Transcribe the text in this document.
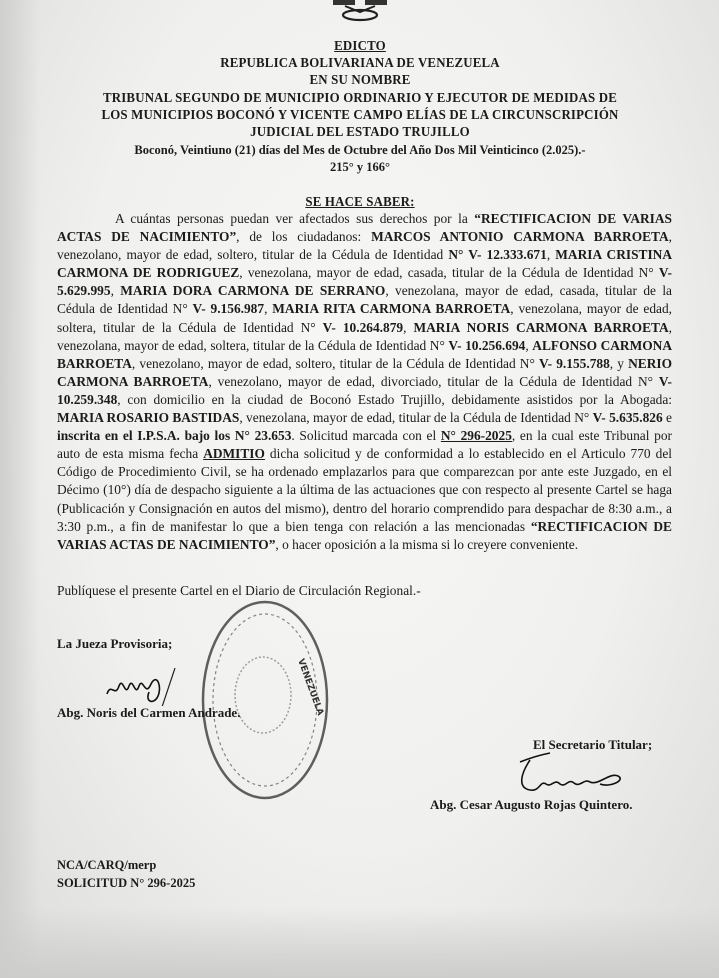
EDICTO
REPUBLICA BOLIVARIANA DE VENEZUELA
EN SU NOMBRE
TRIBUNAL SEGUNDO DE MUNICIPIO ORDINARIO Y EJECUTOR DE MEDIDAS DE
LOS MUNICIPIOS BOCONÓ Y VICENTE CAMPO ELÍAS DE LA CIRCUNSCRIPCIÓN
JUDICIAL DEL ESTADO TRUJILLO
Boconó, Veintiuno (21) días del Mes de Octubre del Año Dos Mil Veinticinco (2.025).-
215° y 166°
SE HACE SABER:
A cuántas personas puedan ver afectados sus derechos por la “RECTIFICACION DE VARIAS ACTAS DE NACIMIENTO”, de los ciudadanos: MARCOS ANTONIO CARMONA BARROETA, venezolano, mayor de edad, soltero, titular de la Cédula de Identidad N° V- 12.333.671, MARIA CRISTINA CARMONA DE RODRIGUEZ, venezolana, mayor de edad, casada, titular de la Cédula de Identidad N° V- 5.629.995, MARIA DORA CARMONA DE SERRANO, venezolana, mayor de edad, casada, titular de la Cédula de Identidad N° V- 9.156.987, MARIA RITA CARMONA BARROETA, venezolana, mayor de edad, soltera, titular de la Cédula de Identidad N° V- 10.264.879, MARIA NORIS CARMONA BARROETA, venezolana, mayor de edad, soltera, titular de la Cédula de Identidad N° V- 10.256.694, ALFONSO CARMONA BARROETA, venezolano, mayor de edad, soltero, titular de la Cédula de Identidad N° V- 9.155.788, y NERIO CARMONA BARROETA, venezolano, mayor de edad, divorciado, titular de la Cédula de Identidad N° V- 10.259.348, con domicilio en la ciudad de Boconó Estado Trujillo, debidamente asistidos por la Abogada: MARIA ROSARIO BASTIDAS, venezolana, mayor de edad, titular de la Cédula de Identidad N° V- 5.635.826 e inscrita en el I.P.S.A. bajo los N° 23.653. Solicitud marcada con el N° 296-2025, en la cual este Tribunal por auto de esta misma fecha ADMITIO dicha solicitud y de conformidad a lo establecido en el Articulo 770 del Código de Procedimiento Civil, se ha ordenado emplazarlos para que comparezcan por ante este Juzgado, en el Décimo (10°) día de despacho siguiente a la última de las actuaciones que con respecto al presente Cartel se haga (Publicación y Consignación en autos del mismo), dentro del horario comprendido para despachar de 8:30 a.m., a 3:30 p.m., a fin de manifestar lo que a bien tenga con relación a las mencionadas “RECTIFICACION DE VARIAS ACTAS DE NACIMIENTO”, o hacer oposición a la misma si lo creyere conveniente.
Publíquese el presente Cartel en el Diario de Circulación Regional.-
VENEZUELA
La Jueza Provisoria;
Abg. Noris del Carmen Andrade.
El Secretario Titular;
Abg. Cesar Augusto Rojas Quintero.
NCA/CARQ/merp
SOLICITUD N° 296-2025
